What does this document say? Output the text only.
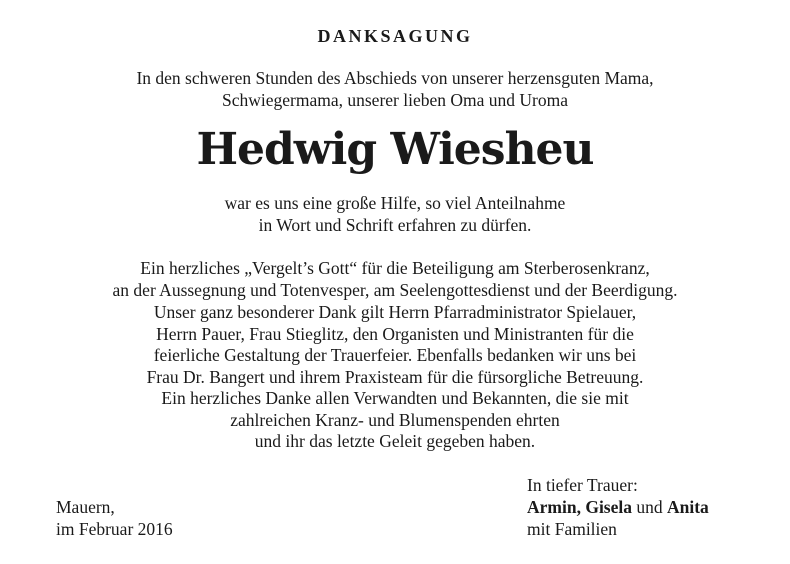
DANKSAGUNG
In den schweren Stunden des Abschieds von unserer herzensguten Mama,
Schwiegermama, unserer lieben Oma und Uroma
Hedwig Wiesheu
war es uns eine große Hilfe, so viel Anteilnahme
in Wort und Schrift erfahren zu dürfen.
Ein herzliches „Vergelt’s Gott“ für die Beteiligung am Sterberosenkranz,
an der Aussegnung und Totenvesper, am Seelengottesdienst und der Beerdigung.
Unser ganz besonderer Dank gilt Herrn Pfarradministrator Spielauer,
Herrn Pauer, Frau Stieglitz, den Organisten und Ministranten für die
feierliche Gestaltung der Trauerfeier. Ebenfalls bedanken wir uns bei
Frau Dr. Bangert und ihrem Praxisteam für die fürsorgliche Betreuung.
Ein herzliches Danke allen Verwandten und Bekannten, die sie mit
zahlreichen Kranz- und Blumenspenden ehrten
und ihr das letzte Geleit gegeben haben.
In tiefer Trauer:
Mauern,
im Februar 2016
Armin, Gisela und Anita
mit Familien
